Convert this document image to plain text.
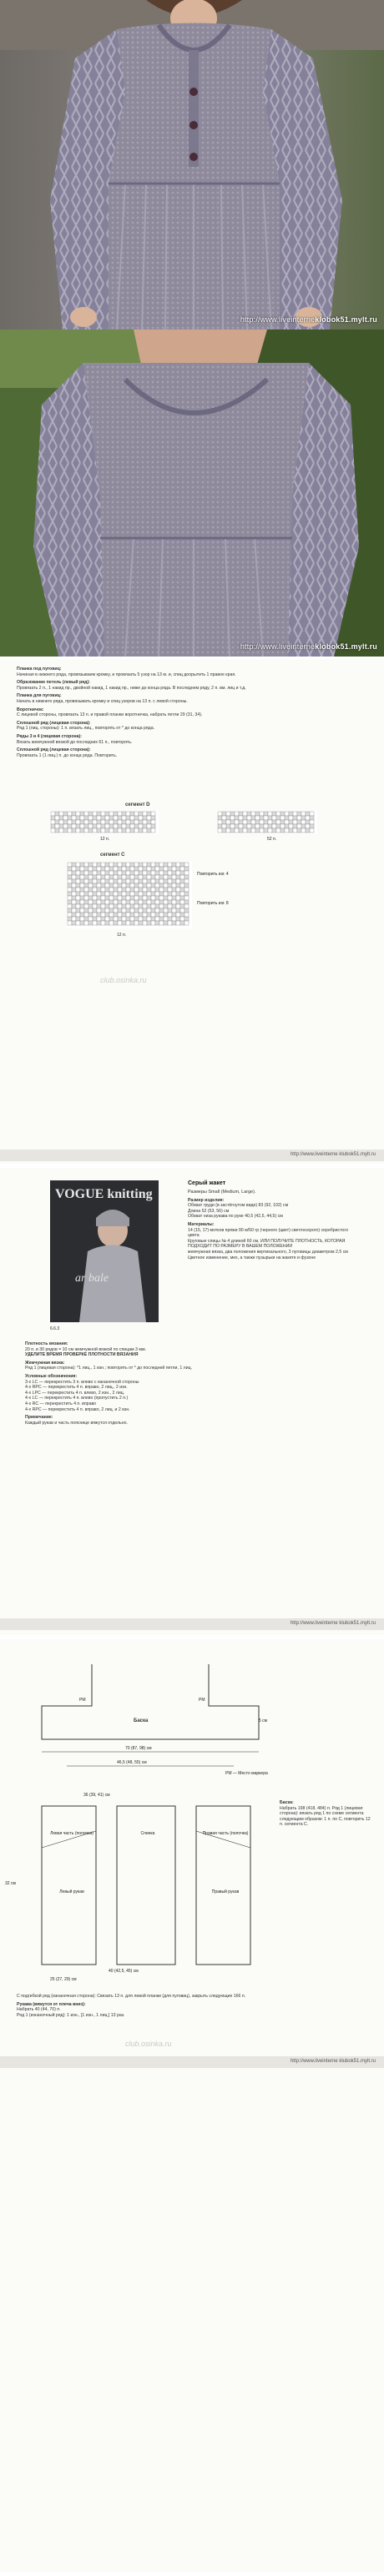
http://www.liveinterneklobok51.mylt.ru
http://www.liveinterneklobok51.mylt.ru

Планка под пуговиц:

Начиная в нижнего ряда, провязываем кромку, и провязать 5 узор на 13 м. и, спиц доорытить 1 правое края.

Образование петель (левый ряд):

Провязать 2 п., 1 накид пр., двойной накид, 1 накид пр., ниже до конца ряда. В последнем ряду, 2 п. вм. лиц и т.д.

Планка для пуговиц:

Начать в нижнего ряда, провязывать кромку и спиц узоров на 13 п. с левой стороны.

Воротничок:

С лицевой стороны, провязать 13 п. и правой планки воротничка, набрать петли 29 (31, 34).

Сплошной ряд (лицевая сторона):

Ряд 1 (лиц. стороны): 1 п. вязать лиц., повторять от * до конца ряда.

Ряды 3 и 4 (лицевая сторона):

Вязать жемчужной вязкой до последних 61 п., повторять.

Сплошной ряд (лицевая сторона):

Провязать 1 (1 лиц.) п. до конца ряда. Повторить.

сегмент D
12 п.	52 п.
сегмент C
Повторить изг. 4
Повторить изг. 8
12 п.
club.osinka.ru
http://www.liveinterne klubok51.mylt.ru
VOGUE knitting
ar bale
6.6.3
Серый жакет

Размеры Small (Medium, Large).

Размер изделия:

Обхват груди (в застёгнутом виде) 83 (92, 102) см

Длина 52 (53, 56) см

Обхват низа рукава по руке 40,5 (42,5, 44,5) см

Материалы:

14 (15, 17) мотков пряжи 90 м/50 гр (черного (цвет) светлосерого) серебристого цвета

Круговые спицы № 4 длиной 60 см, ИЛИ ПОЛУЧИТЕ ПЛОТНОСТЬ, КОТОРАЯ ПОДХОДИТ ПО РАЗМЕРУ В ВАШЕМ ПОЛОЖЕНИИ

жемчужная вязка, два положения вертикального, 3 пуговицы диаметром 2,5 см

Цветное изменение, мех, а также пузырьки на жакете и фузоне

Плотность вязания:

20 п. и 30 рядов = 10 см жемчужной вязкой по спицам 3 мм.

УДЕЛИТЕ ВРЕМЯ ПРОВЕРКЕ ПЛОТНОСТИ ВЯЗАНИЯ

Жемчужная вязка:

Ряд 1 (лицевая сторона): *1 лиц., 1 изн.; повторять от * до последней петли, 1 лиц.

Условные обозначения:

3-х LC — перекрестить 3 п. влево с изнаночной стороны

4-х RPC — перекрестить 4 п. вправо, 2 лиц., 2 изн.

4-х LPC — перекрестить 4 п. влево, 2 изн., 2 лиц.

4-х LC — перекрестить 4 п. влево (пропустить 2 п.)

4-х RC — перекрестить 4 п. вправо

4-х RPC — перекрестить 4 п. вправо, 2 лиц. и 2 изн.

Примечание:

Каждый рукав и часть пояснице вяжутся отдельно.

http://www.liveinterne klubok51.mylt.ru
Баска
PM	PM
70 (87, 98) см
46,5 (48, 55) см
5 см
PM — Место маркера

Баска:

Набрать 198 (418, 484) п. Ряд 1 (лицевая сторона): вязать ряд 1 по схеме сегмента следующим образом: 1 п. по C, повторить 12 п. сегмента C.

36 (39, 41) см
Левая часть (полочка)	Спинка	Правая часть (полочка)
Левый рукав	Правый рукав
32 см
40 (42,5, 45) см
25 (27, 29) см

С подгибкой ряд (изнаночная сторона): Связать 13 п. для левой планки (для пуговиц), закрыть следующие 166 п.

Рукава (вяжутся от плеча вниз):

Набрать 40 (44, 70) п.

Ряд 1 (изнаночный ряд): 1 изн., [1 изн., 1 лиц.] 13 раз.

club.osinka.ru
http://www.liveinterne klubok51.mylt.ru
